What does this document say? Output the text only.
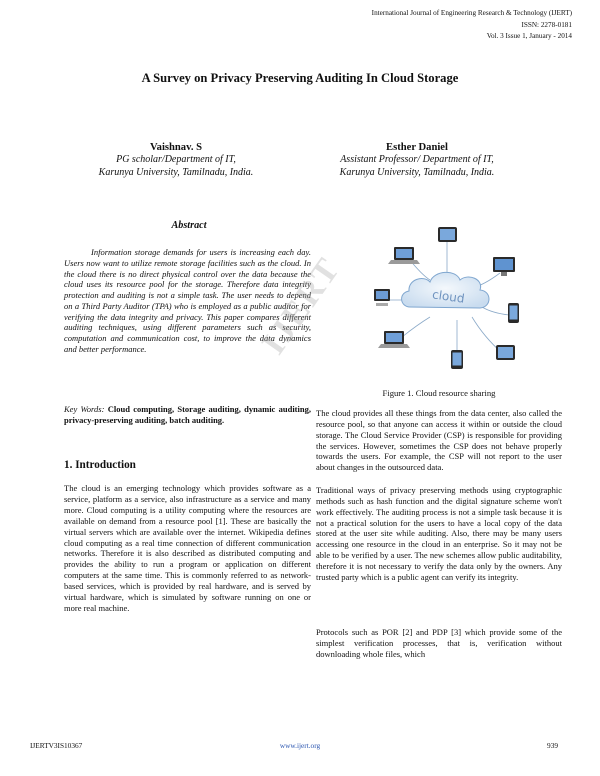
International Journal of Engineering Research & Technology (IJERT)
ISSN: 2278-0181
Vol. 3 Issue 1, January - 2014
A Survey on Privacy Preserving Auditing In Cloud Storage
Vaishnav. S
PG scholar/Department of IT,
Karunya University, Tamilnadu, India.
Esther Daniel
Assistant Professor/ Department of IT,
Karunya University, Tamilnadu, India.
Abstract

Information storage demands for users is increasing each day. Users now want to utilize remote storage facilities such as the cloud. In the cloud there is no direct physical control over the data because the cloud uses its resource pool for the storage. Therefore data integrity protection and auditing is not a simple task. The user needs to depend on a Third Party Auditor (TPA) who is employed as a public auditor for verifying the data integrity and privacy. This paper compares different auditing techniques, using different parameters such as security, computation and communication cost, to improve the data dynamics and better performance.

Key Words: Cloud computing, Storage auditing, dynamic auditing, privacy-preserving auditing, batch auditing.
1. Introduction

The cloud is an emerging technology which provides software as a service, platform as a service, also infrastructure as a service and many more. Cloud computing is a utility computing where the resources are available on demand from a resource pool [1]. These are basically the virtual servers which are available over the internet. Wikipedia defines cloud computing as a real time connection of different communication networks. Therefore it is also described as distributed computing and provides the ability to run a program or application on different computers at the same time. This is commonly referred to as network-based services, which is provided by real hardware, and is served by virtual hardware, which is simulated by software running on one or more real machine.

cloud
Figure 1. Cloud resource sharing

The cloud provides all these things from the data center, also called the resource pool, so that anyone can access it within or outside the cloud storage. The Cloud Service Provider (CSP) is responsible for providing the services. However, sometimes the CSP does not behave properly towards the users. For example, the CSP will not report to the user about changes in the outsourced data.

Traditional ways of privacy preserving methods using cryptographic methods such as hash function and the digital signature scheme won't work effectively. The auditing process is not a simple task because it is not a practical solution for the users to have a local copy of the data stored at the user site while auditing. Also, there may be many users accessing one resource in the cloud in an enterprise. So it may not be able to be verified by a user. The new schemes allow public auditability, therefore it is not necessary to verify the data only by the owners. Any trusted party which is a public agent can verify its integrity.

Protocols such as POR [2] and PDP [3] which provide some of the simplest verification processes, that is, verification without downloading whole files, which

IJERT
IJERTV3IS10367	www.ijert.org	939
